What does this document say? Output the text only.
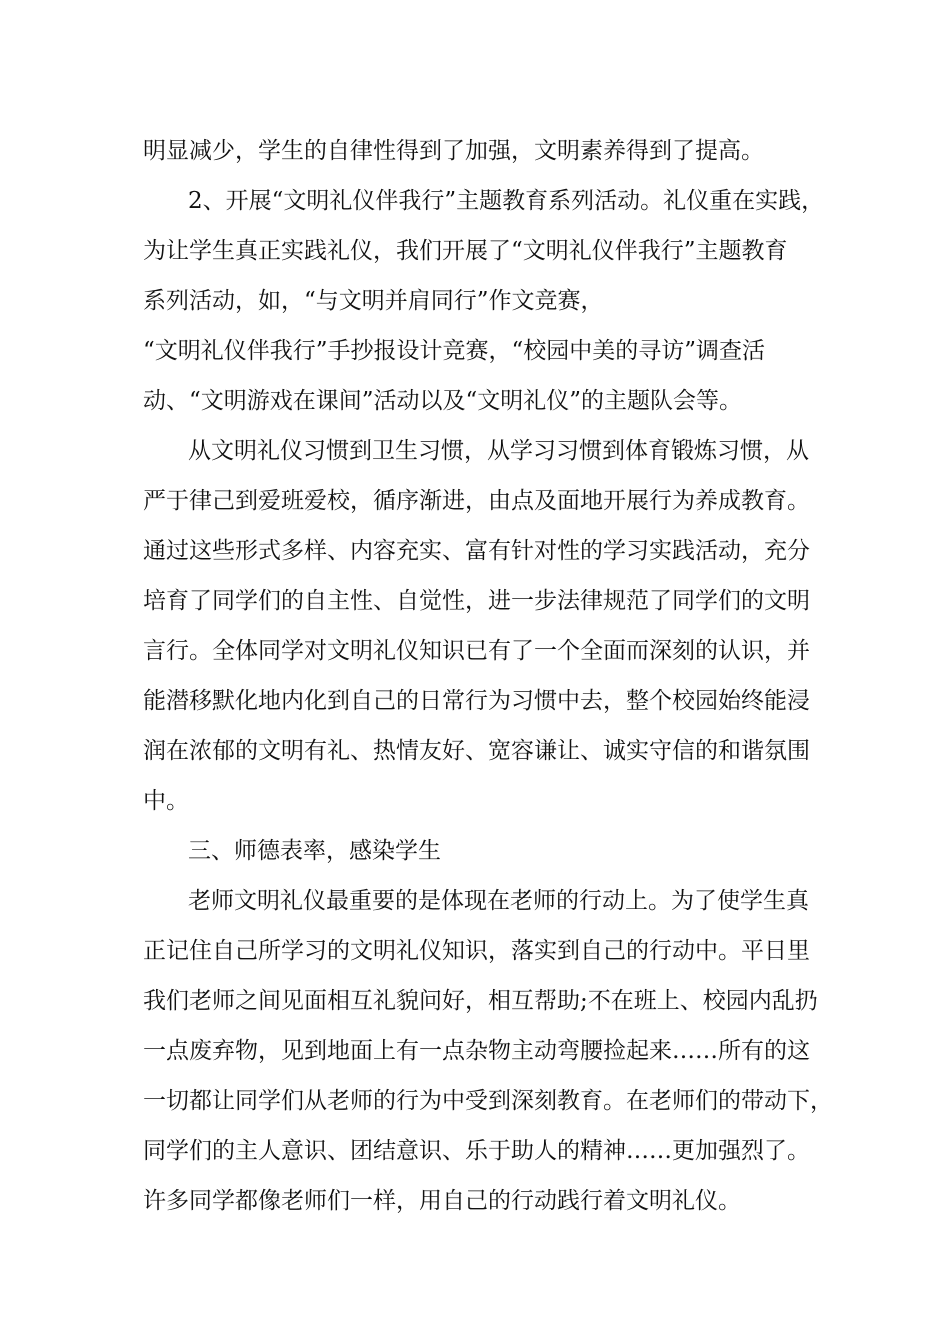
明显减少，学生的自律性得到了加强，文明素养得到了提高。
2、开展“文明礼仪伴我行”主题教育系列活动。礼仪重在实践，
为让学生真正实践礼仪，我们开展了“文明礼仪伴我行”主题教育
系列活动，如，“与文明并肩同行”作文竞赛，
“文明礼仪伴我行”手抄报设计竞赛，“校园中美的寻访”调查活
动、“文明游戏在课间”活动以及“文明礼仪”的主题队会等。
从文明礼仪习惯到卫生习惯，从学习习惯到体育锻炼习惯，从
严于律己到爱班爱校，循序渐进，由点及面地开展行为养成教育。
通过这些形式多样、内容充实、富有针对性的学习实践活动，充分
培育了同学们的自主性、自觉性，进一步法律规范了同学们的文明
言行。全体同学对文明礼仪知识已有了一个全面而深刻的认识，并
能潜移默化地内化到自己的日常行为习惯中去，整个校园始终能浸
润在浓郁的文明有礼、热情友好、宽容谦让、诚实守信的和谐氛围
中。
三、师德表率，感染学生
老师文明礼仪最重要的是体现在老师的行动上。为了使学生真
正记住自己所学习的文明礼仪知识，落实到自己的行动中。平日里
我们老师之间见面相互礼貌问好，相互帮助;不在班上、校园内乱扔
一点废弃物，见到地面上有一点杂物主动弯腰捡起来……所有的这
一切都让同学们从老师的行为中受到深刻教育。在老师们的带动下，
同学们的主人意识、团结意识、乐于助人的精神……更加强烈了。
许多同学都像老师们一样，用自己的行动践行着文明礼仪。
